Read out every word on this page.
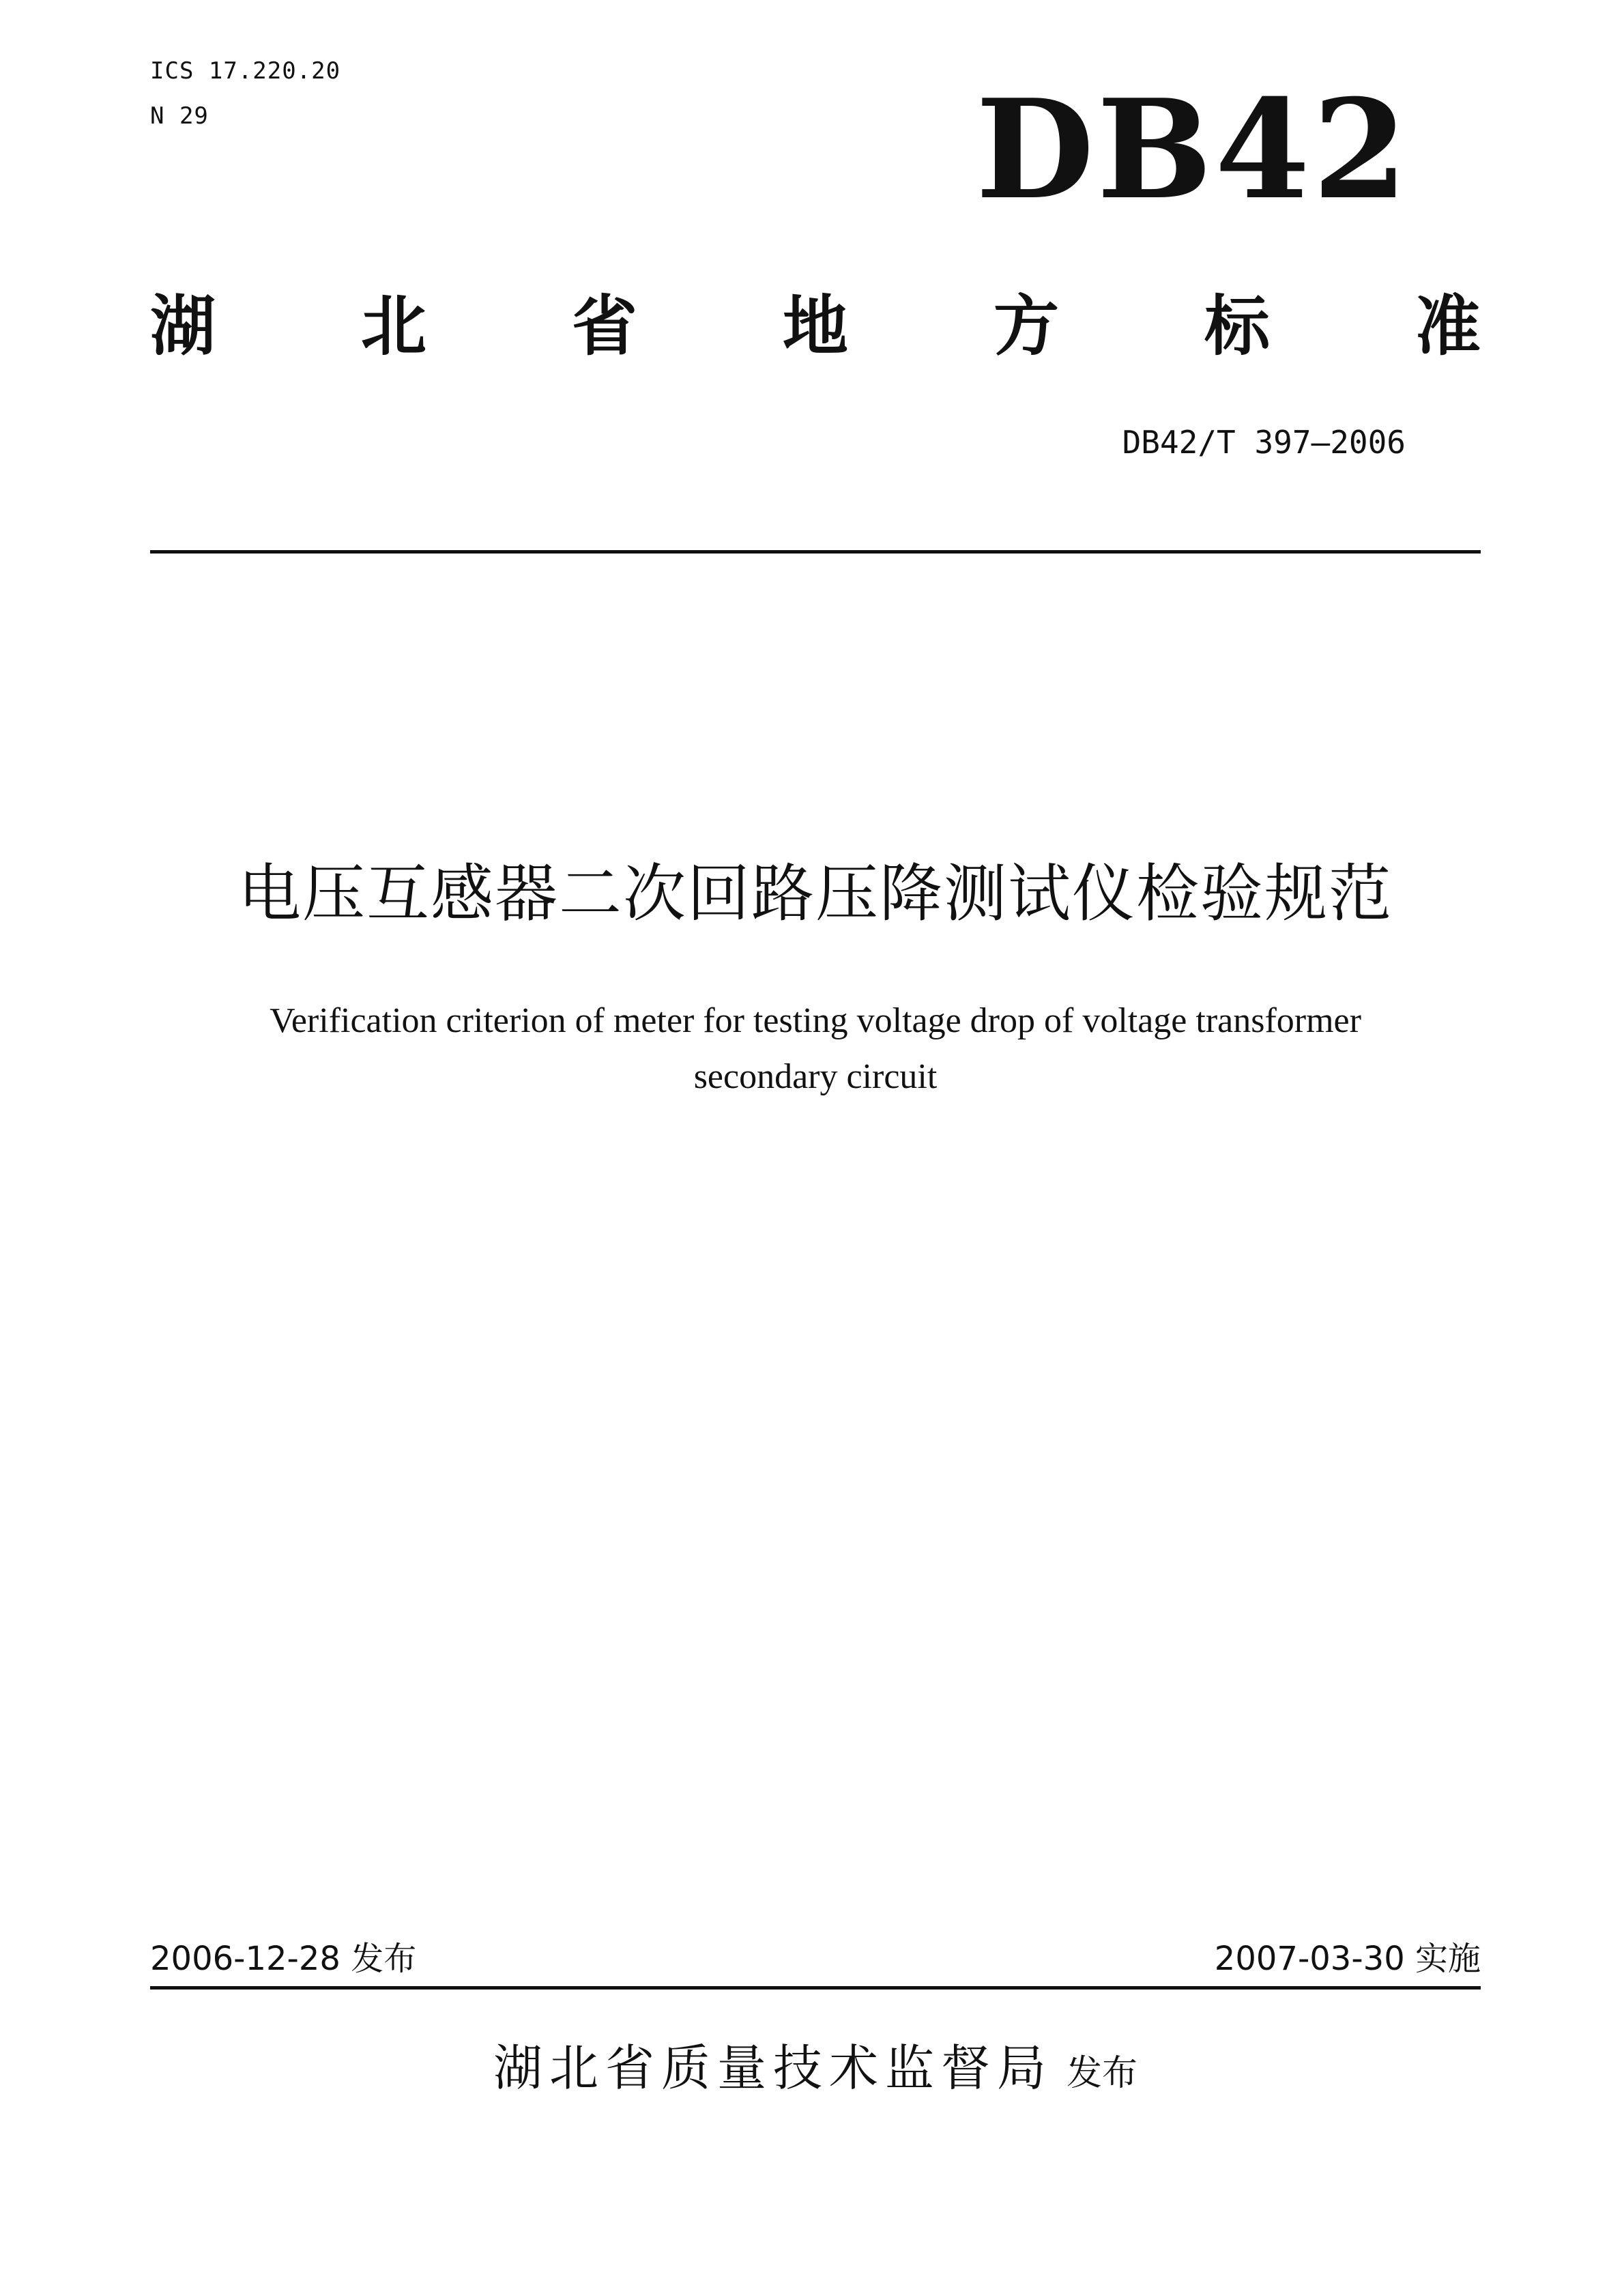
ICS 17.220.20
N 29	DB42
湖 北 省 地 方 标 准
DB42/T 397—2006
电压互感器二次回路压降测试仪检验规范
Verification criterion of meter for testing voltage drop of voltage transformer
secondary circuit
2006-12-28 发布	2007-03-30 实施
湖北省质量技术监督局 发布
